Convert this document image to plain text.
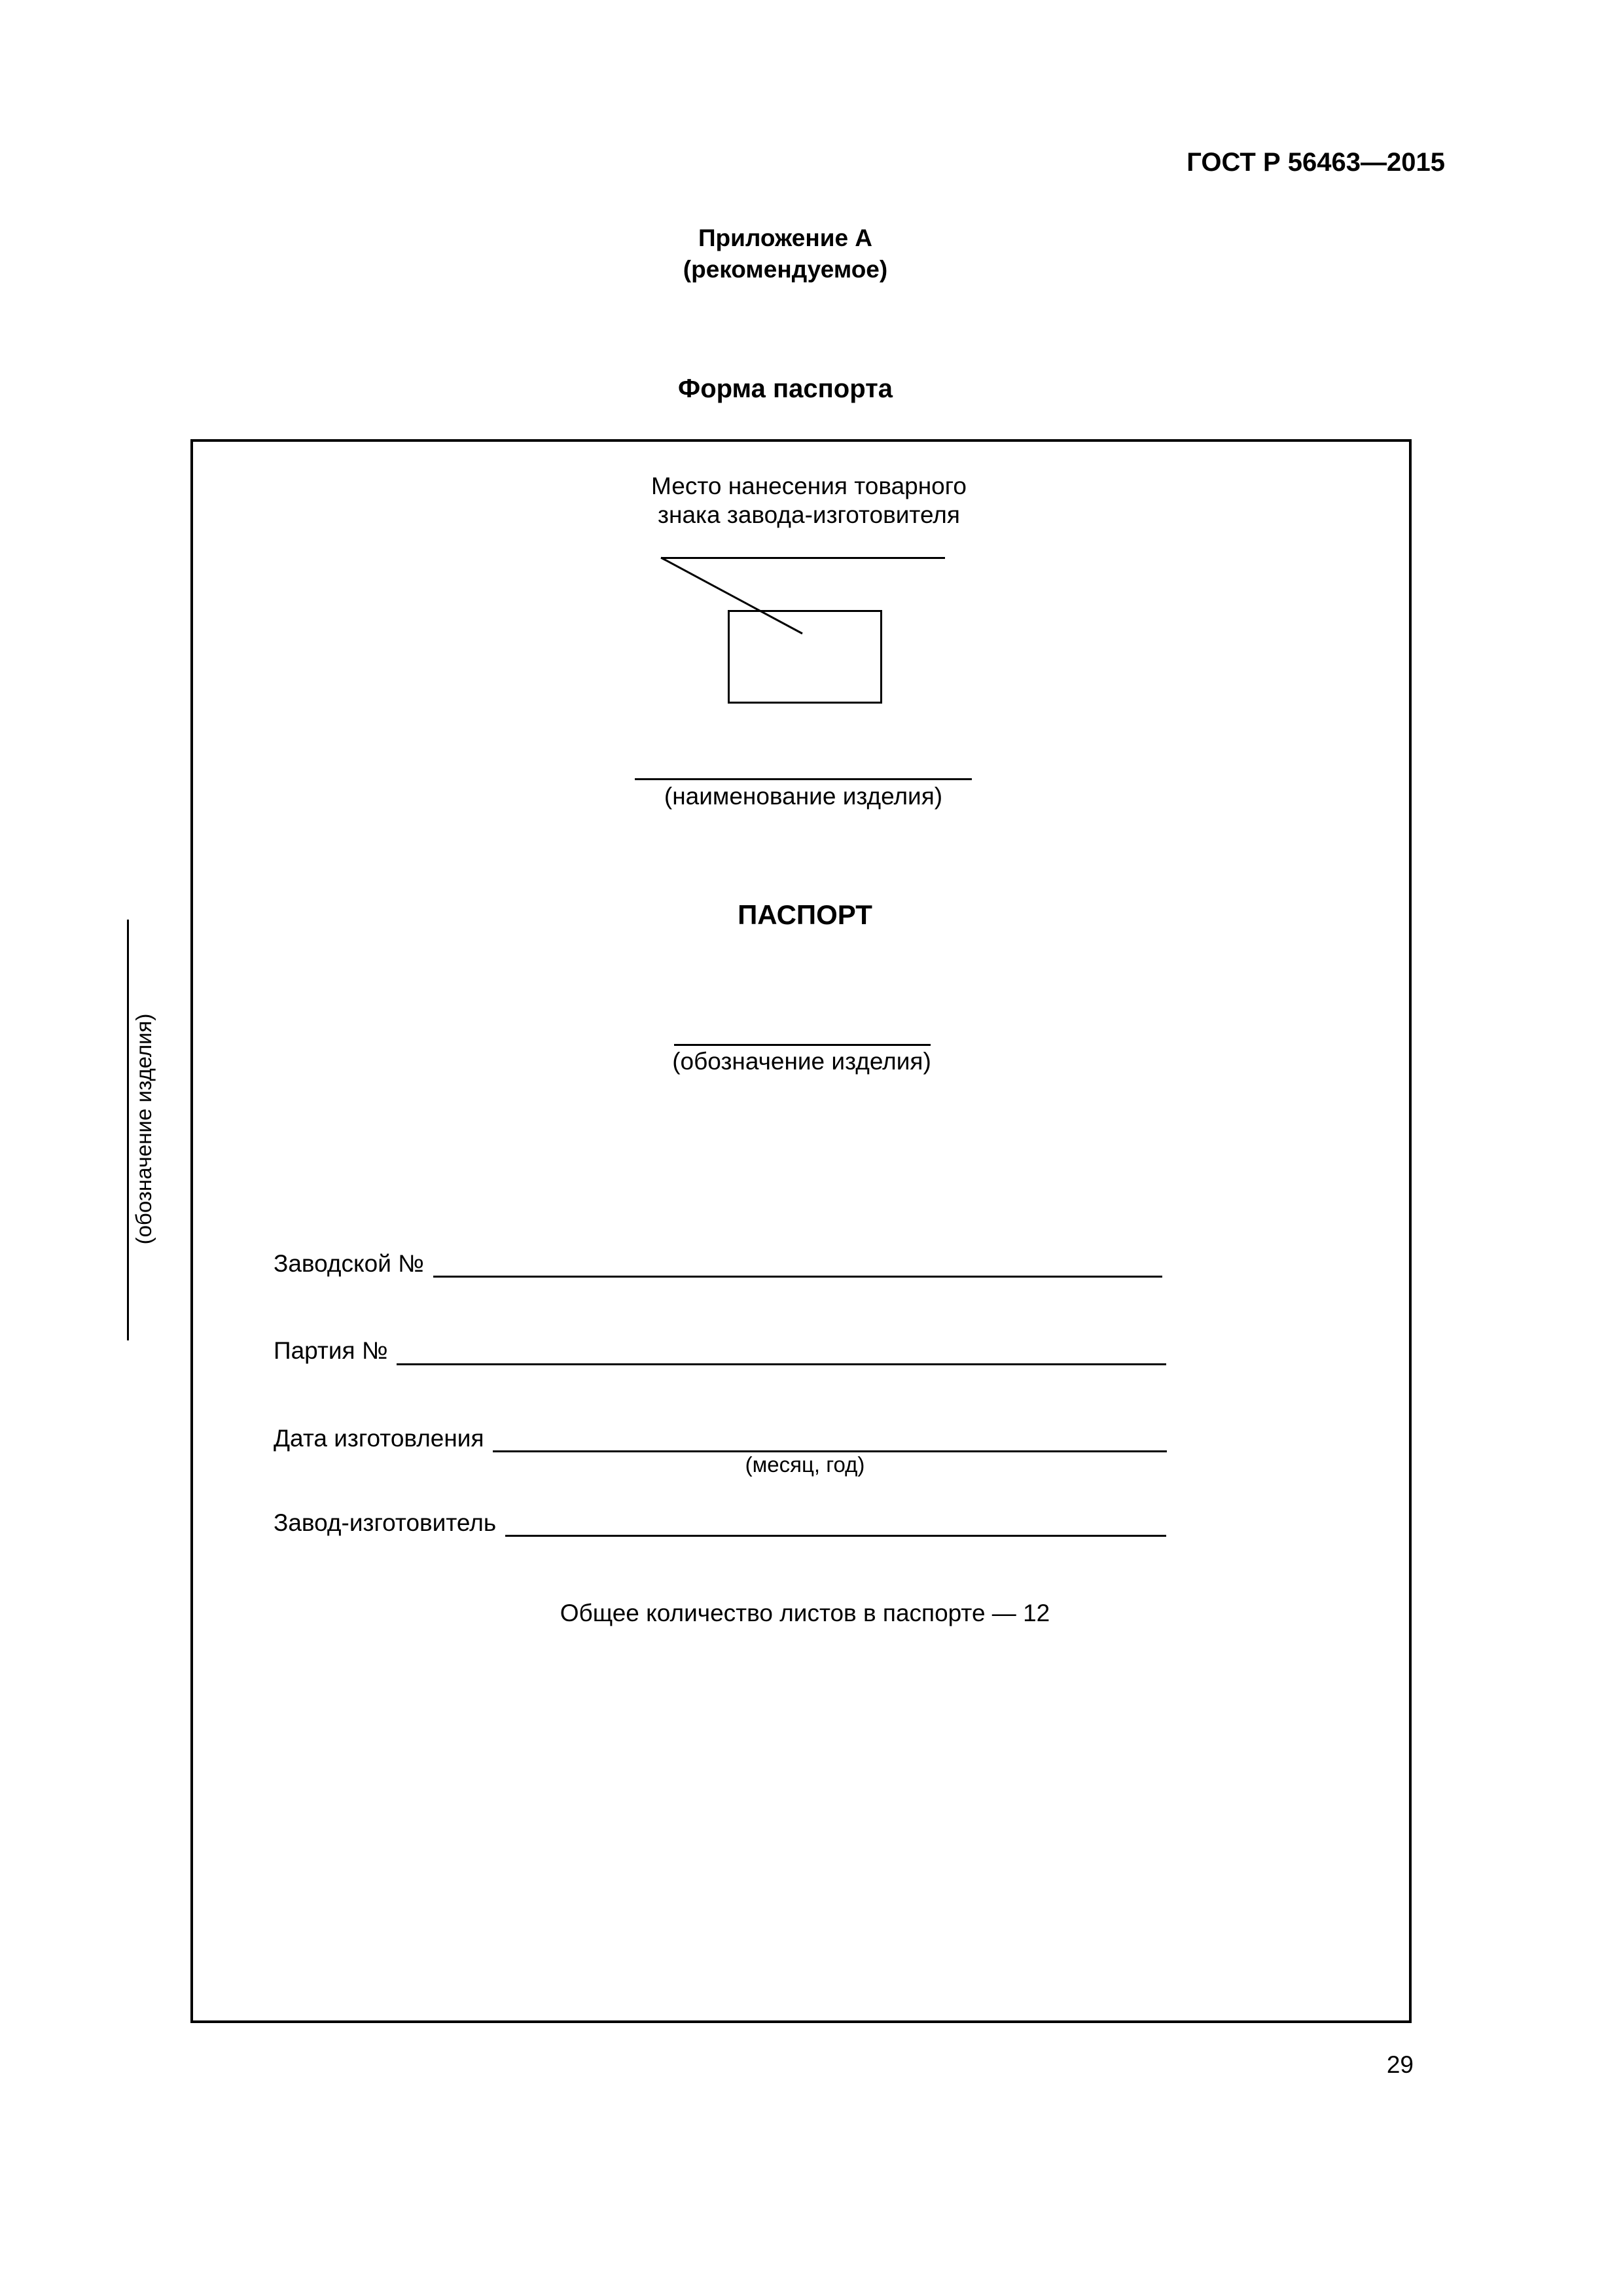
ГОСТ Р 56463—2015
Приложение А
(рекомендуемое)
Форма паспорта
(обозначение изделия)
Место нанесения товарного
знака завода-изготовителя
(наименование изделия)
ПАСПОРТ
(обозначение изделия)
Заводской №
Партия №
Дата изготовления
(месяц, год)
Завод-изготовитель
Общее количество листов в паспорте — 12
29
